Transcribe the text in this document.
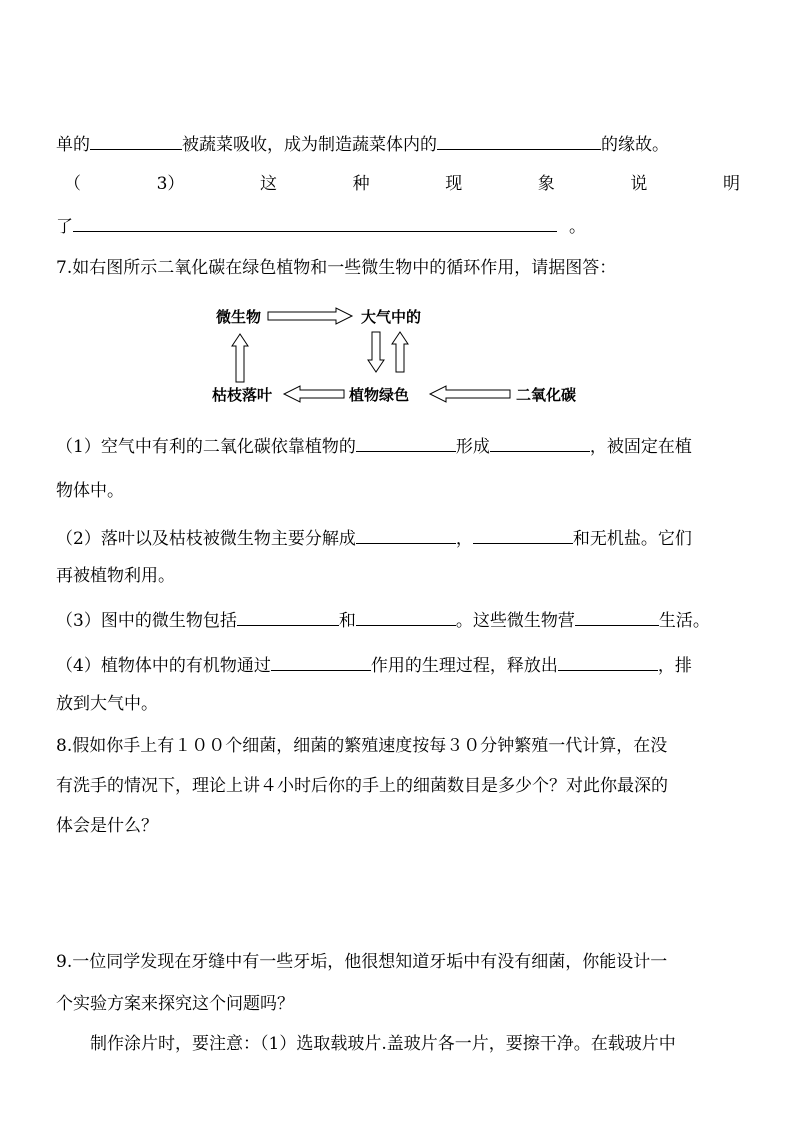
单的	被蔬菜吸收，成为制造蔬菜体内的	的缘故。
（	3）	这	种	现	象	说	明
了	。
7.如右图所示二氧化碳在绿色植物和一些微生物中的循环作用，请据图答：
微生物	大气中的
枯枝落叶	植物绿色	二氧化碳
（1）空气中有利的二氧化碳依靠植物的	形成	，被固定在植
物体中。
（2）落叶以及枯枝被微生物主要分解成	，	和无机盐。它们
再被植物利用。
（3）图中的微生物包括	和	。这些微生物营	生活。
（4）植物体中的有机物通过	作用的生理过程，释放出	，排
放到大气中。
8.假如你手上有１００个细菌，细菌的繁殖速度按每３０分钟繁殖一代计算，在没
有洗手的情况下，理论上讲４小时后你的手上的细菌数目是多少个？对此你最深的
体会是什么？
9.一位同学发现在牙缝中有一些牙垢，他很想知道牙垢中有没有细菌，你能设计一
个实验方案来探究这个问题吗？
制作涂片时，要注意：（1）选取载玻片.盖玻片各一片，要擦干净。在载玻片中
